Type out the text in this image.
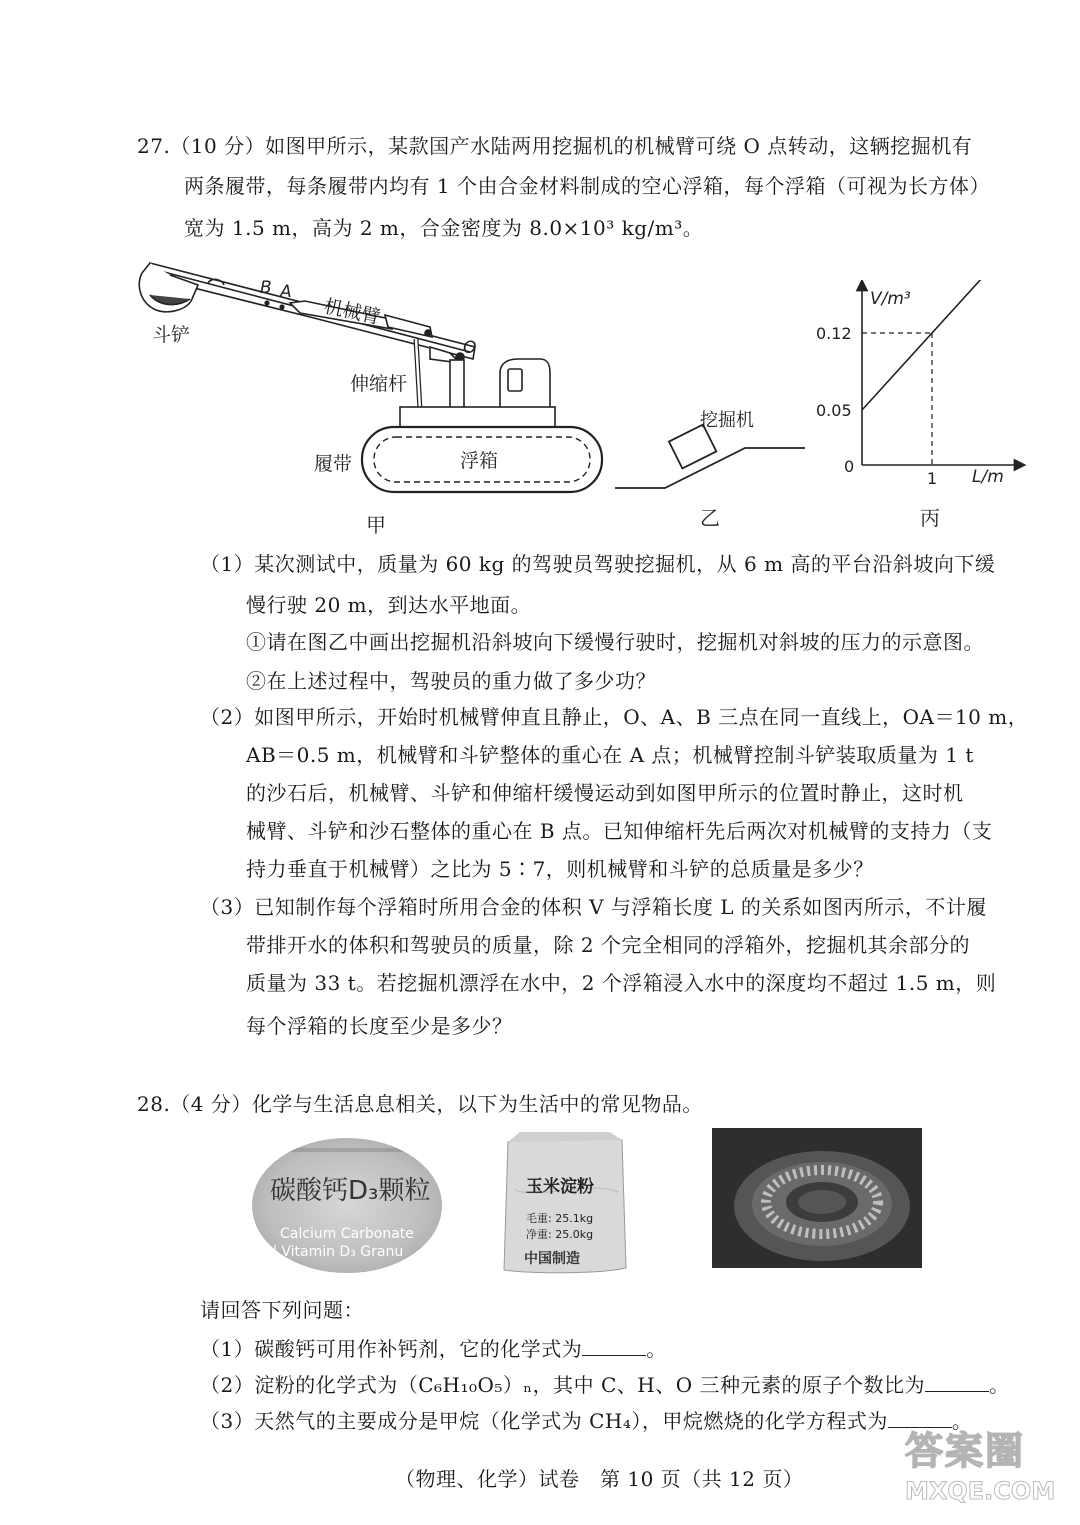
27.（10 分）如图甲所示，某款国产水陆两用挖掘机的机械臂可绕 O 点转动，这辆挖掘机有
两条履带，每条履带内均有 1 个由合金材料制成的空心浮箱，每个浮箱（可视为长方体）
宽为 1.5 m，高为 2 m，合金密度为 8.0×10³ kg/m³。
B A
机械臂
O
斗铲
伸缩杆
履带	浮箱
甲
挖掘机
乙
V/m³
L/m
0
0.12
0.05
1
丙
（1）某次测试中，质量为 60 kg 的驾驶员驾驶挖掘机，从 6 m 高的平台沿斜坡向下缓
慢行驶 20 m，到达水平地面。
①请在图乙中画出挖掘机沿斜坡向下缓慢行驶时，挖掘机对斜坡的压力的示意图。
②在上述过程中，驾驶员的重力做了多少功？
（2）如图甲所示，开始时机械臂伸直且静止，O、A、B 三点在同一直线上，OA＝10 m，
AB＝0.5 m，机械臂和斗铲整体的重心在 A 点；机械臂控制斗铲装取质量为 1 t
的沙石后，机械臂、斗铲和伸缩杆缓慢运动到如图甲所示的位置时静止，这时机
械臂、斗铲和沙石整体的重心在 B 点。已知伸缩杆先后两次对机械臂的支持力（支
持力垂直于机械臂）之比为 5∶7，则机械臂和斗铲的总质量是多少？
（3）已知制作每个浮箱时所用合金的体积 V 与浮箱长度 L 的关系如图丙所示，不计履
带排开水的体积和驾驶员的质量，除 2 个完全相同的浮箱外，挖掘机其余部分的
质量为 33 t。若挖掘机漂浮在水中，2 个浮箱浸入水中的深度均不超过 1.5 m，则
每个浮箱的长度至少是多少？
28.（4 分）化学与生活息息相关，以下为生活中的常见物品。
碳酸钙D₃颗粒
Calcium Carbonate
d Vitamin D₃ Granu
玉米淀粉
毛重: 25.1kg
净重: 25.0kg
中国制造
请回答下列问题：
（1）碳酸钙可用作补钙剂，它的化学式为	。
（2）淀粉的化学式为（C₆H₁₀O₅）ₙ，其中 C、H、O 三种元素的原子个数比为	。
（3）天然气的主要成分是甲烷（化学式为 CH₄），甲烷燃烧的化学方程式为	。
（物理、化学）试卷　第 10 页（共 12 页）
答案圈
MXQE.COM
